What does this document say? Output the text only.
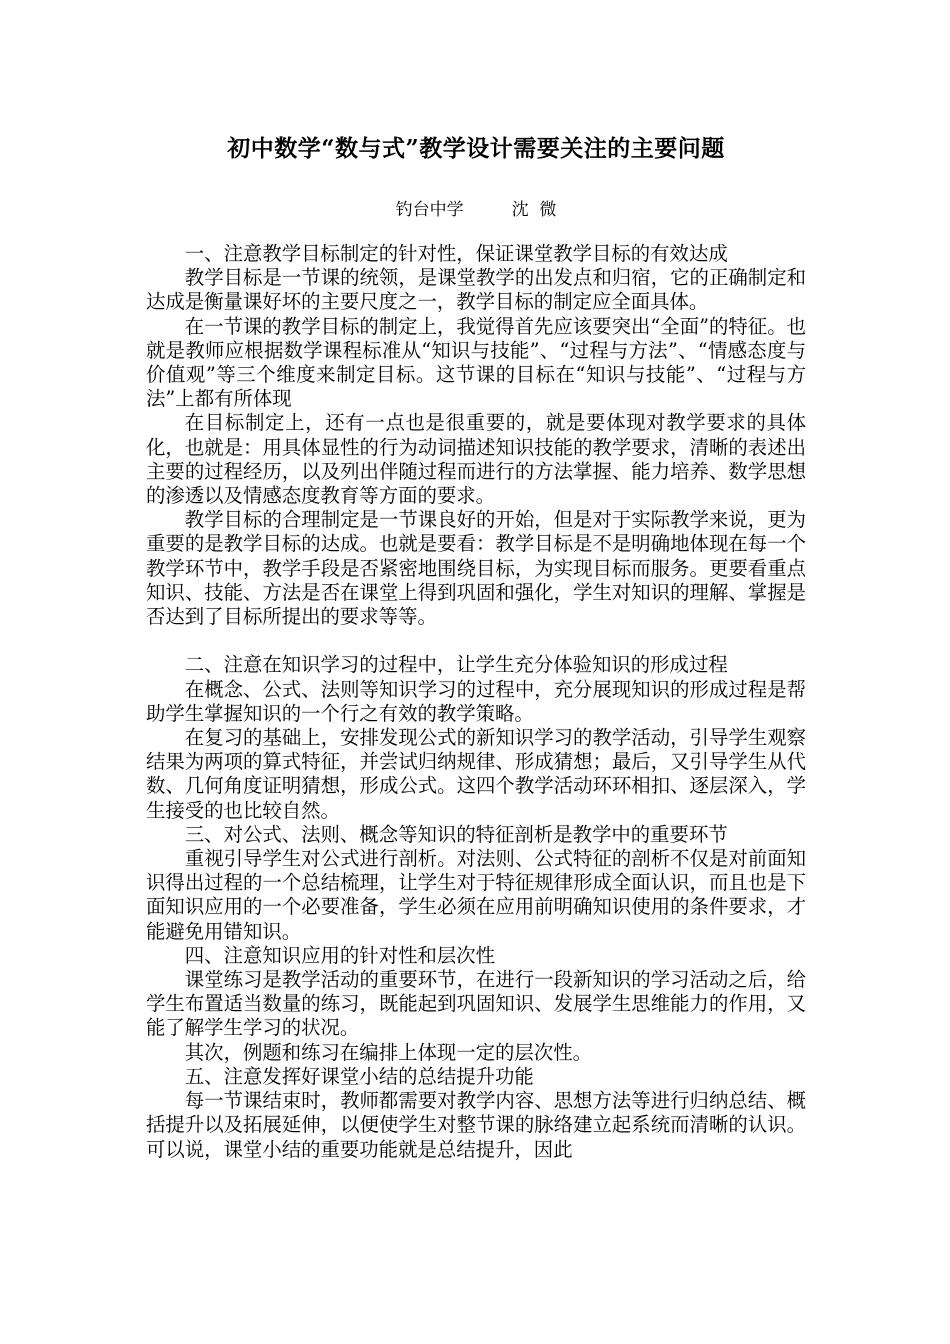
初中数学“数与式”教学设计需要关注的主要问题
钓台中学	沈  微

一、注意教学目标制定的针对性，保证课堂教学目标的有效达成

教学目标是一节课的统领，是课堂教学的出发点和归宿，它的正确制定和达成是衡量课好坏的主要尺度之一，教学目标的制定应全面具体。

在一节课的教学目标的制定上，我觉得首先应该要突出“全面”的特征。也就是教师应根据数学课程标准从“知识与技能”、“过程与方法”、“情感态度与价值观”等三个维度来制定目标。这节课的目标在“知识与技能”、“过程与方法”上都有所体现

在目标制定上，还有一点也是很重要的，就是要体现对教学要求的具体化，也就是：用具体显性的行为动词描述知识技能的教学要求，清晰的表述出主要的过程经历，以及列出伴随过程而进行的方法掌握、能力培养、数学思想的渗透以及情感态度教育等方面的要求。

教学目标的合理制定是一节课良好的开始，但是对于实际教学来说，更为重要的是教学目标的达成。也就是要看：教学目标是不是明确地体现在每一个教学环节中，教学手段是否紧密地围绕目标，为实现目标而服务。更要看重点知识、技能、方法是否在课堂上得到巩固和强化，学生对知识的理解、掌握是否达到了目标所提出的要求等等。

二、注意在知识学习的过程中，让学生充分体验知识的形成过程

在概念、公式、法则等知识学习的过程中，充分展现知识的形成过程是帮助学生掌握知识的一个行之有效的教学策略。

在复习的基础上，安排发现公式的新知识学习的教学活动，引导学生观察结果为两项的算式特征，并尝试归纳规律、形成猜想；最后，又引导学生从代数、几何角度证明猜想，形成公式。这四个教学活动环环相扣、逐层深入，学生接受的也比较自然。

三、对公式、法则、概念等知识的特征剖析是教学中的重要环节

重视引导学生对公式进行剖析。对法则、公式特征的剖析不仅是对前面知识得出过程的一个总结梳理，让学生对于特征规律形成全面认识，而且也是下面知识应用的一个必要准备，学生必须在应用前明确知识使用的条件要求，才能避免用错知识。

四、注意知识应用的针对性和层次性

课堂练习是教学活动的重要环节，在进行一段新知识的学习活动之后，给学生布置适当数量的练习，既能起到巩固知识、发展学生思维能力的作用，又能了解学生学习的状况。

其次，例题和练习在编排上体现一定的层次性。

五、注意发挥好课堂小结的总结提升功能

每一节课结束时，教师都需要对教学内容、思想方法等进行归纳总结、概括提升以及拓展延伸，以便使学生对整节课的脉络建立起系统而清晰的认识。可以说，课堂小结的重要功能就是总结提升，因此
